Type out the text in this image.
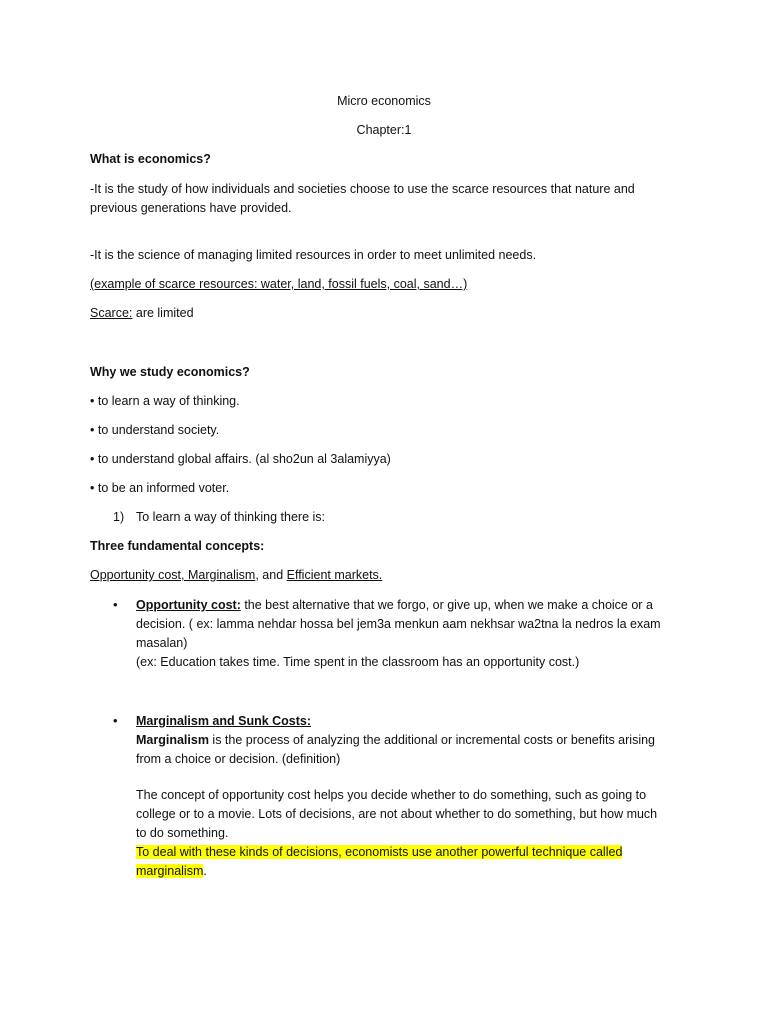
Micro economics
Chapter:1
What is economics?
-It is the study of how individuals and societies choose to use the scarce resources that nature and
previous generations have provided.
-It is the science of managing limited resources in order to meet unlimited needs.
(example of scarce resources: water, land, fossil fuels, coal, sand…)
Scarce: are limited
Why we study economics?
• to learn a way of thinking.
• to understand society.
• to understand global affairs. (al sho2un al 3alamiyya)
• to be an informed voter.
1) To learn a way of thinking there is:
Three fundamental concepts:
Opportunity cost, Marginalism, and Efficient markets.
• Opportunity cost: the best alternative that we forgo, or give up, when we make a choice or a
decision. ( ex: lamma nehdar hossa bel jem3a menkun aam nekhsar wa2tna la nedros la exam
masalan)
(ex: Education takes time. Time spent in the classroom has an opportunity cost.)
• Marginalism and Sunk Costs:
Marginalism is the process of analyzing the additional or incremental costs or benefits arising
from a choice or decision. (definition)
The concept of opportunity cost helps you decide whether to do something, such as going to
college or to a movie. Lots of decisions, are not about whether to do something, but how much
to do something.
To deal with these kinds of decisions, economists use another powerful technique called
marginalism.
